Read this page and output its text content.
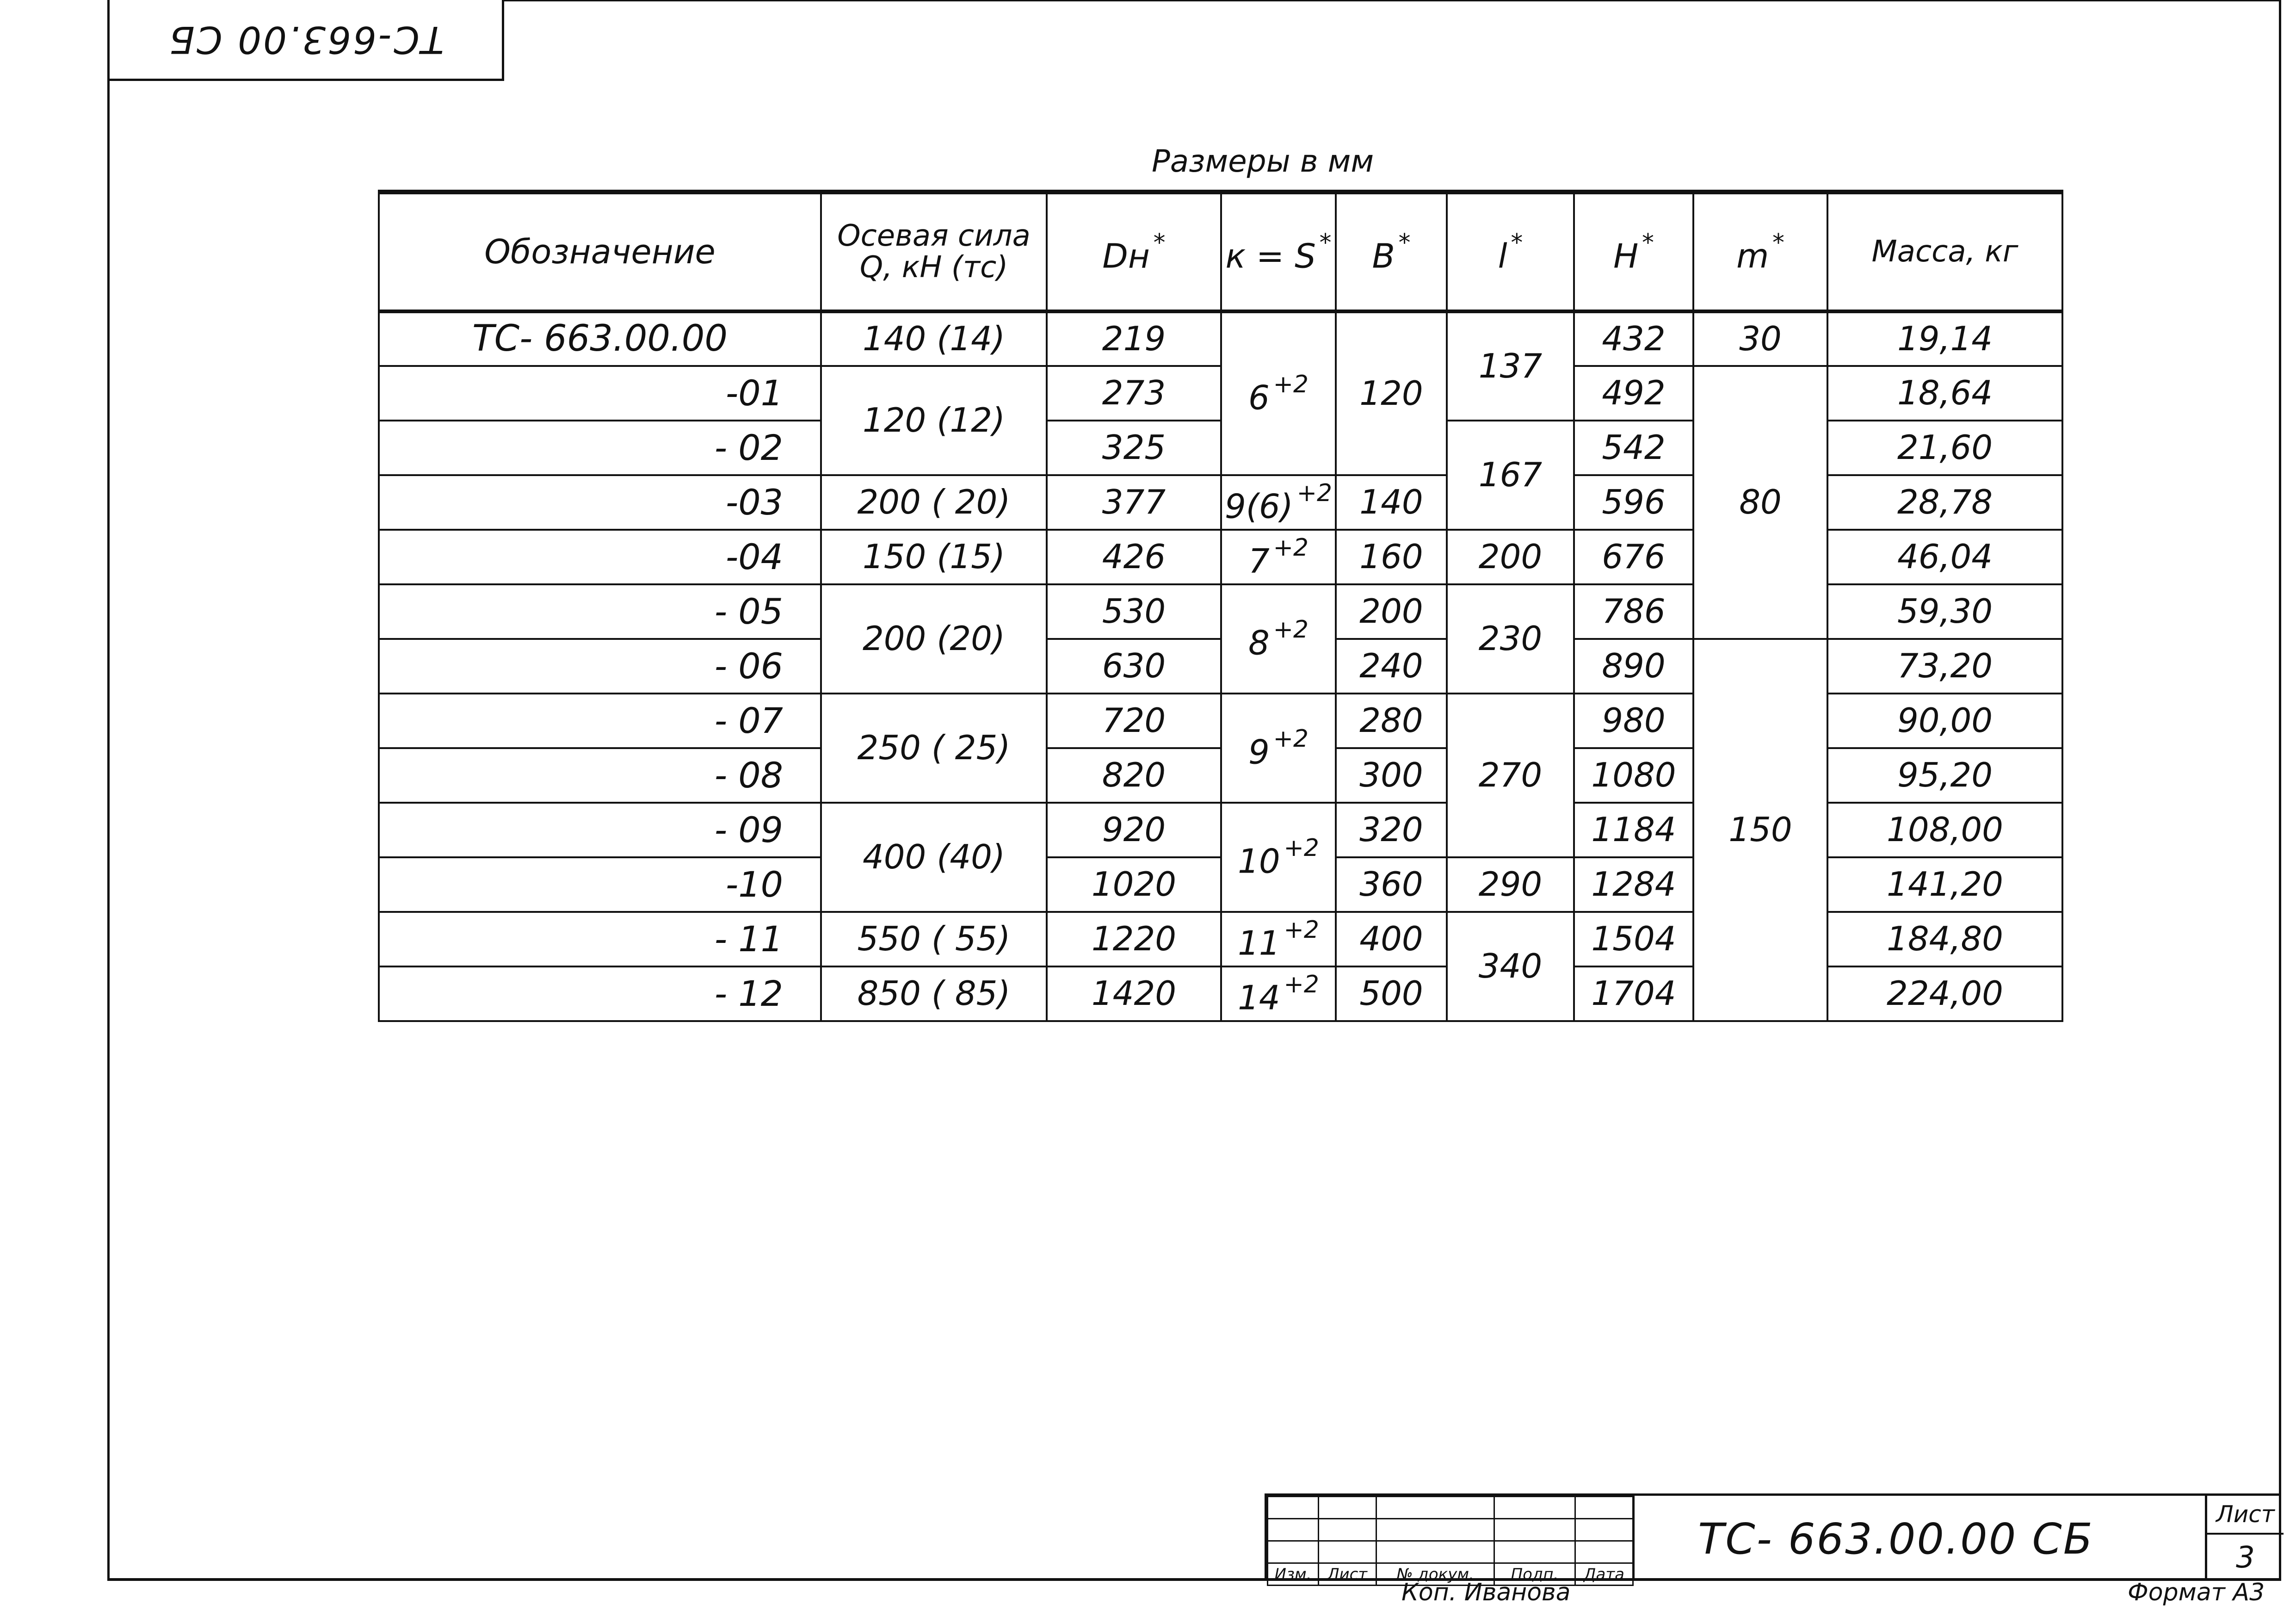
ТС-663.00 СБ
Размеры в мм
Обозначение	Осевая сила Q, кН (тс)	Dн *	к = S *	B *	l *	H *	m *	Масса, кг
ТС- 663.00.00	140 (14)	219	6 $^{+2}$	120	137	432	30	19,14
-01	120 (12)	273				492	80	18,64
- 02		325			167	542		21,60
-03	200 ( 20)	377	9(6) $^{+2}$	140		596		28,78
-04	150 (15)	426	7 $^{+2}$	160	200	676		46,04
- 05	200 (20)	530	8 $^{+2}$	200	230	786		59,30
- 06		630		240		890	150	73,20
- 07	250 ( 25)	720	9 $^{+2}$	280	270	980		90,00
- 08		820		300		1080		95,20
- 09	400 (40)	920	10 $^{+2}$	320		1184		108,00
-10		1020		360	290	1284		141,20
- 11	550 ( 55)	1220	11 $^{+2}$	400	340	1504		184,80
- 12	850 ( 85)	1420	14 $^{+2}$	500		1704		224,00

Изм.	Лист	№ докум.	Подп.	Дата
ТС- 663.00.00 СБ	Лист
3
Коп. Иванова	Формат А3
